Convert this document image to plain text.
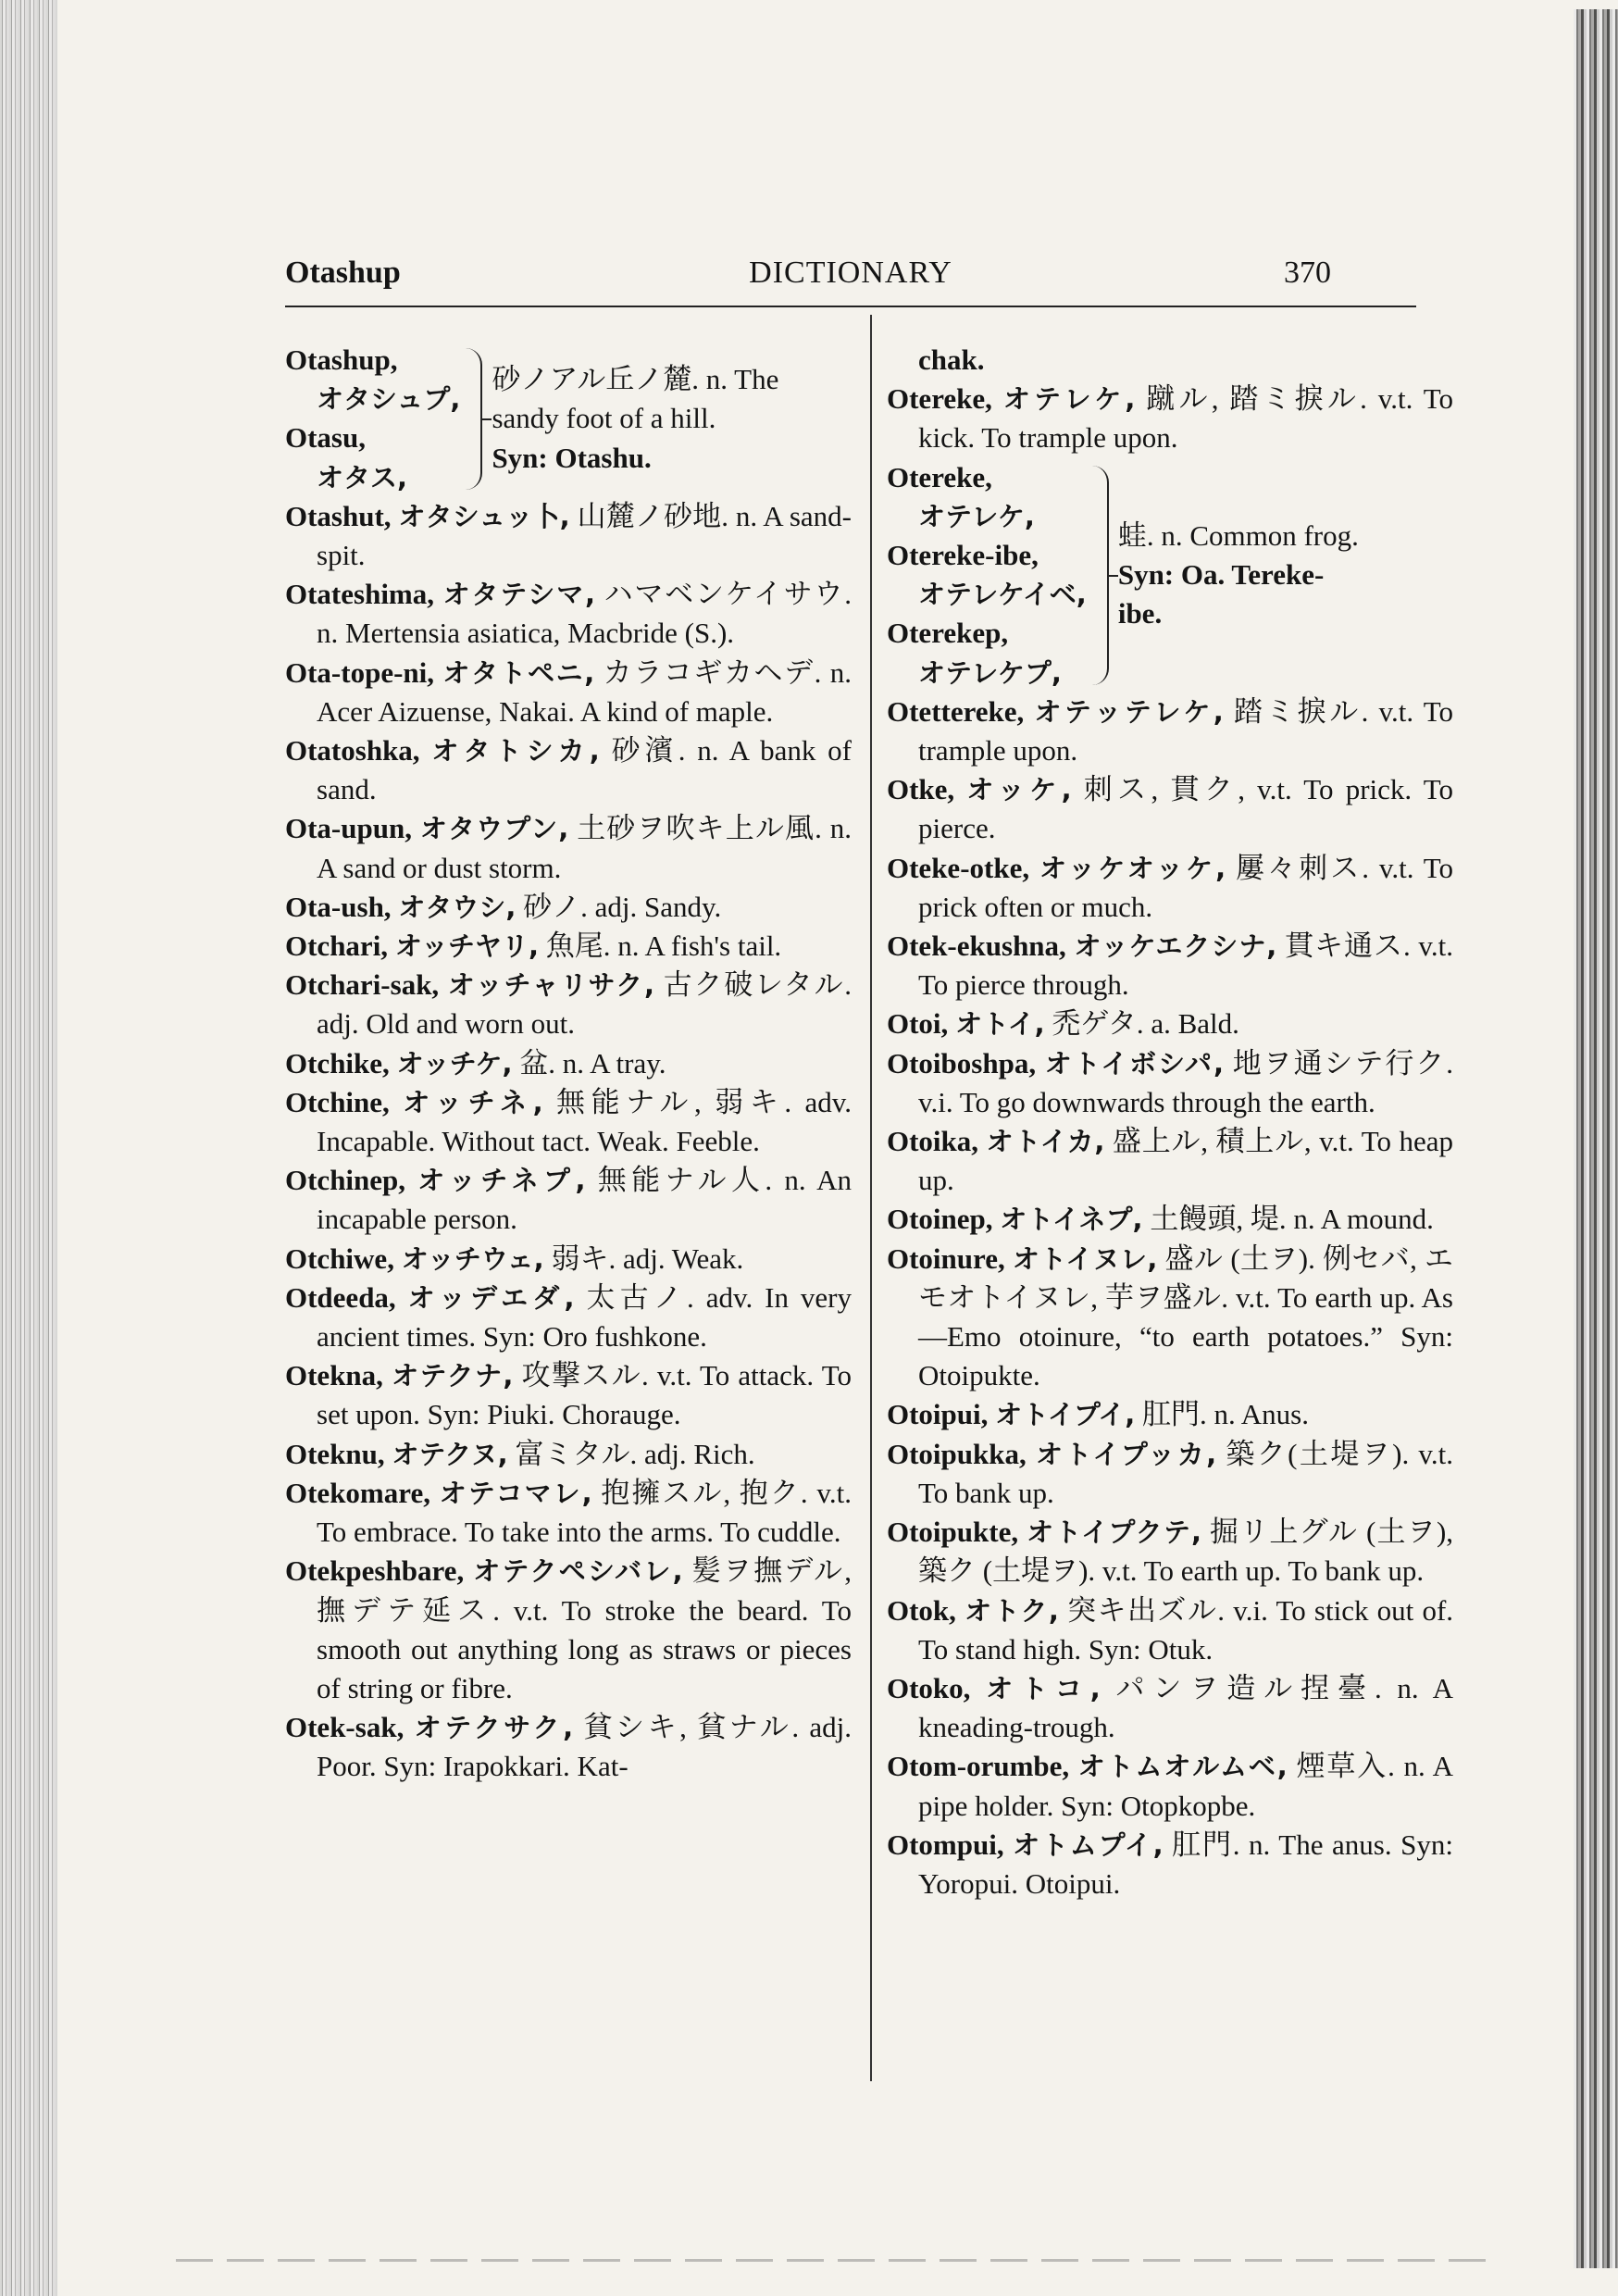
DICTIONARY
Otashup	370
Otashup,
オタシュプ,
Otasu,
オタス,
砂ノアル丘ノ麓. n. The
sandy foot of a hill.
Syn: Otashu.
Otashut, オタシュッ卜, 山麓ノ砂地. n. A sand-spit.
Otateshima, オタテシマ, ハマベンケイサウ. n. Mertensia asiatica, Macbride (S.).
Ota-tope-ni, オタトペニ, カラコギカヘデ. n. Acer Aizuense, Nakai. A kind of maple.
Otatoshka, オタトシカ, 砂濱. n. A bank of sand.
Ota-upun, オタウプン, 土砂ヲ吹キ上ル風. n. A sand or dust storm.
Ota-ush, オタウシ, 砂ノ. adj. Sandy.
Otchari, オッチヤリ, 魚尾. n. A fish's tail.
Otchari-sak, オッチャリサク, 古ク破レタル. adj. Old and worn out.
Otchike, オッチケ, 盆. n. A tray.
Otchine, オッチネ, 無能ナル, 弱キ. adv. Incapable. Without tact. Weak. Feeble.
Otchinep, オッチネプ, 無能ナル人. n. An incapable person.
Otchiwe, オッチウェ, 弱キ. adj. Weak.
Otdeeda, オッデエダ, 太古ノ. adv. In very ancient times. Syn: Oro fushkone.
Otekna, オテクナ, 攻撃スル. v.t. To attack. To set upon. Syn: Piuki. Chorauge.
Oteknu, オテクヌ, 富ミタル. adj. Rich.
Otekomare, オテコマレ, 抱擁スル, 抱ク. v.t. To embrace. To take into the arms. To cuddle.
Otekpeshbare, オテクペシバレ, 髪ヲ撫デル, 撫デテ延ス. v.t. To stroke the beard. To smooth out anything long as straws or pieces of string or fibre.
Otek-sak, オテクサク, 貧シキ, 貧ナル. adj. Poor. Syn: Irapokkari. Kat-
chak.
Otereke, オテレケ, 蹴ル, 踏ミ捩ル. v.t. To kick. To trample upon.
Otereke,
オテレケ,
Otereke-ibe,
オテレケイベ,
Oterekep,
オテレケプ,
蛙. n. Common frog.
Syn: Oa. Tereke-
ibe.
Otettereke, オテッテレケ, 踏ミ捩ル. v.t. To trample upon.
Otke, オッケ, 刺ス, 貫ク, v.t. To prick. To pierce.
Oteke-otke, オッケオッケ, 屢々刺ス. v.t. To prick often or much.
Otek-ekushna, オッケエクシナ, 貫キ通ス. v.t. To pierce through.
Otoi, オトイ, 禿ゲタ. a. Bald.
Otoiboshpa, オトイボシパ, 地ヲ通シテ行ク. v.i. To go downwards through the earth.
Otoika, オトイカ, 盛上ル, 積上ル, v.t. To heap up.
Otoinep, オトイネプ, 土饅頭, 堤. n. A mound.
Otoinure, オトイヌレ, 盛ル (土ヲ). 例セバ, エモオトイヌレ, 芋ヲ盛ル. v.t. To earth up. As —Emo otoinure, “to earth potatoes.” Syn: Otoipukte.
Otoipui, オトイプイ, 肛門. n. Anus.
Otoipukka, オトイプッカ, 築ク(土堤ヲ). v.t. To bank up.
Otoipukte, オトイプクテ, 掘リ上グル (土ヲ), 築ク (土堤ヲ). v.t. To earth up. To bank up.
Otok, オトク, 突キ出ズル. v.i. To stick out of. To stand high. Syn: Otuk.
Otoko, オトコ, パンヲ造ル捏臺. n. A kneading-trough.
Otom-orumbe, オトムオルムベ, 煙草入. n. A pipe holder. Syn: Otopkopbe.
Otompui, オトムプイ, 肛門. n. The anus. Syn: Yoropui. Otoipui.
